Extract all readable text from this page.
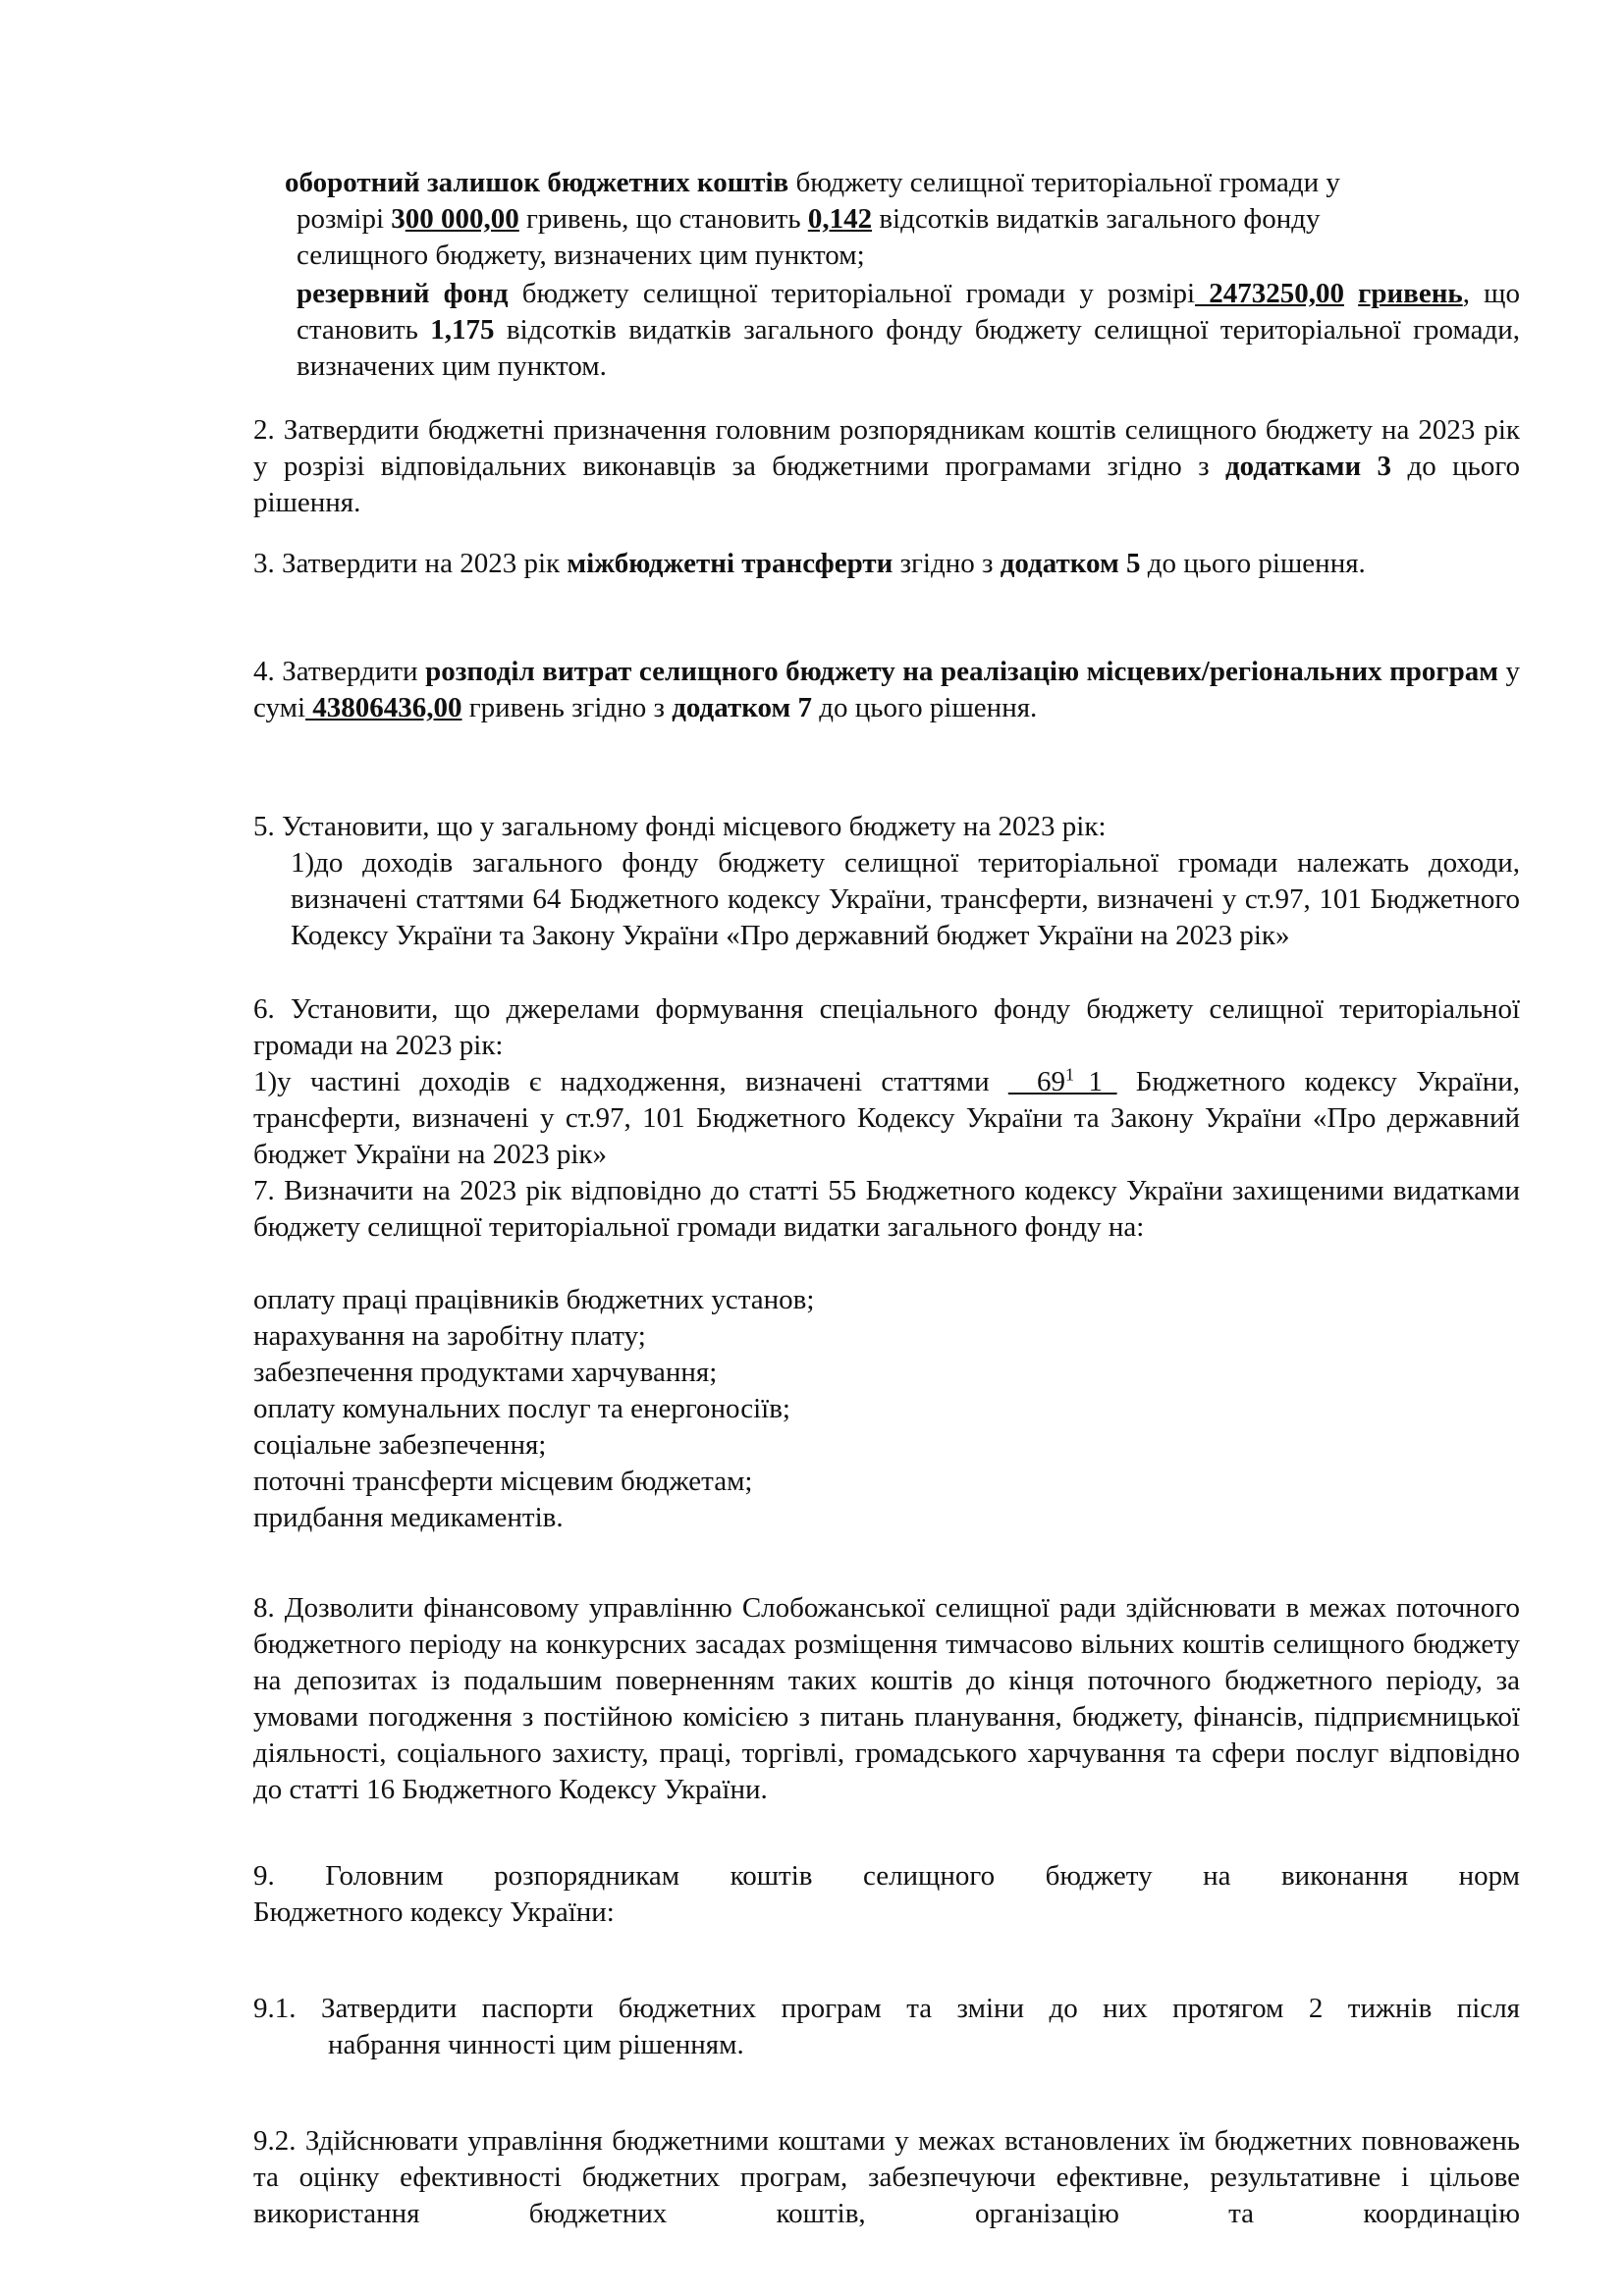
оборотний залишок бюджетних коштів бюджету селищної територіальної громади у
розмірі 300 000,00 гривень, що становить 0,142 відсотків видатків загального фонду
селищного бюджету, визначених цим пунктом;

резервний фонд бюджету селищної територіальної громади у розмірі 2473250,00 гривень, що становить 1,175 відсотків видатків загального фонду бюджету селищної територіальної громади, визначених цим пунктом.

2. Затвердити бюджетні призначення головним розпорядникам коштів селищного бюджету на 2023 рік у розрізі відповідальних виконавців за бюджетними програмами згідно з додатками 3 до цього рішення.

3. Затвердити на 2023 рік міжбюджетні трансферти згідно з додатком 5 до цього рішення.

4. Затвердити розподіл витрат селищного бюджету на реалізацію місцевих/регіональних програм у сумі 43806436,00 гривень згідно з додатком 7 до цього рішення.

5. Установити, що у загальному фонді місцевого бюджету на 2023 рік:

1)до доходів загального фонду бюджету селищної територіальної громади належать доходи, визначені статтями 64 Бюджетного кодексу України, трансферти, визначені у ст.97, 101 Бюджетного Кодексу України та Закону України «Про державний бюджет України на 2023 рік»

6. Установити, що джерелами формування спеціального фонду бюджету селищної територіальної громади на 2023 рік:

1)у частині доходів є надходження, визначені статтями $\_\_69^1\_1\_$ Бюджетного кодексу України, трансферти, визначені у ст.97, 101 Бюджетного Кодексу України та Закону України «Про державний бюджет України на 2023 рік»

7. Визначити на 2023 рік відповідно до статті 55 Бюджетного кодексу України захищеними видатками бюджету селищної територіальної громади видатки загального фонду на:

оплату праці працівників бюджетних установ;
нарахування на заробітну плату;
забезпечення продуктами харчування;
оплату комунальних послуг та енергоносіїв;
соціальне забезпечення;
поточні трансферти місцевим бюджетам;
придбання медикаментів.

8. Дозволити фінансовому управлінню Слобожанської селищної ради здійснювати в межах поточного бюджетного періоду на конкурсних засадах розміщення тимчасово вільних коштів селищного бюджету на депозитах із подальшим поверненням таких коштів до кінця поточного бюджетного періоду, за умовами погодження з постійною комісією з питань планування, бюджету, фінансів, підприємницької діяльності, соціального захисту, праці, торгівлі, громадського харчування та сфери послуг відповідно до статті 16 Бюджетного Кодексу України.

9. Головним розпорядникам коштів селищного бюджету на виконання норм

Бюджетного кодексу України:

9.1. Затвердити паспорти бюджетних програм та зміни до них протягом 2 тижнів після

набрання чинності цим рішенням.

9.2. Здійснювати управління бюджетними коштами у межах встановлених їм бюджетних повноважень та оцінку ефективності бюджетних програм, забезпечуючи ефективне, результативне і цільове використання бюджетних коштів, організацію та координацію
